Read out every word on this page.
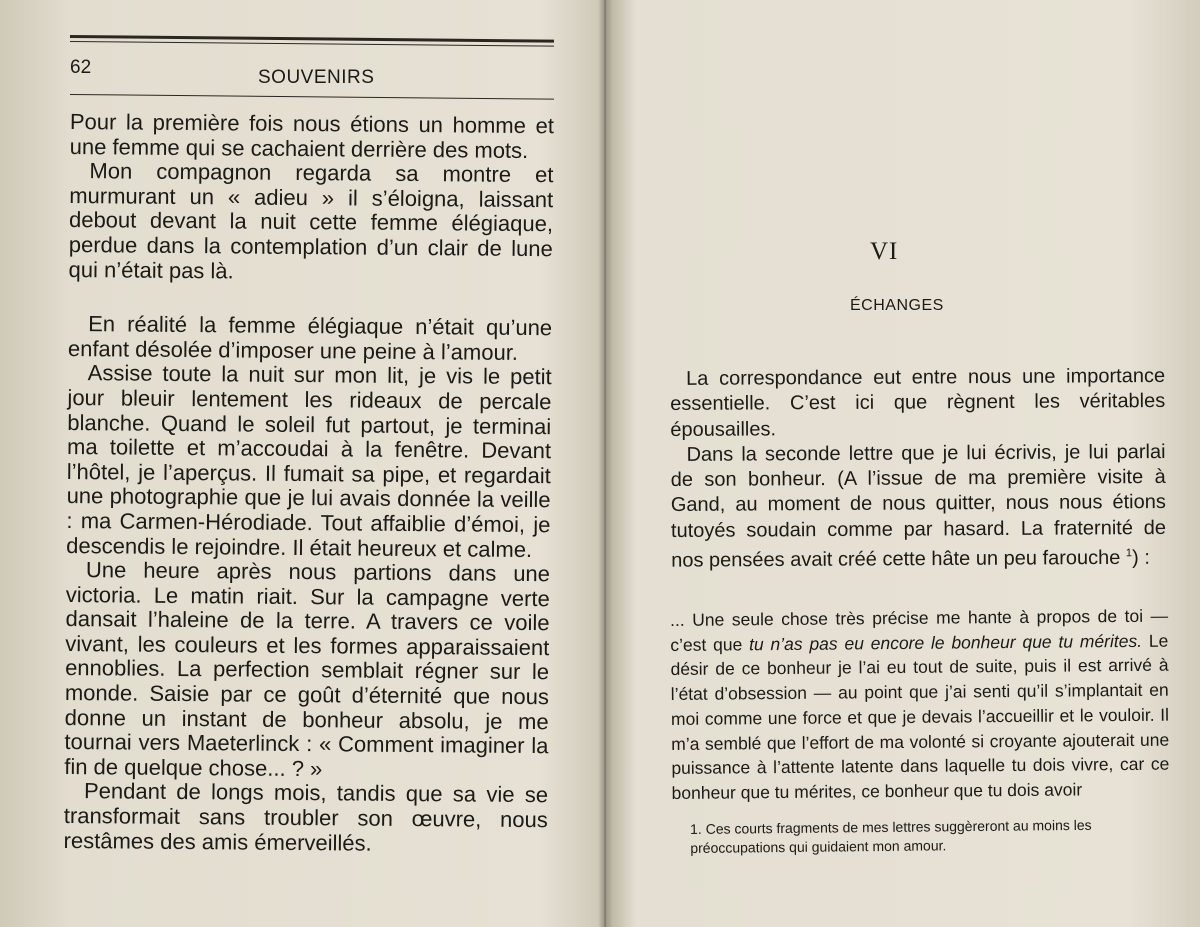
62	SOUVENIRS

Pour la première fois nous étions un homme et une femme qui se cachaient derrière des mots.

Mon compagnon regarda sa montre et murmurant un « adieu » il s’éloigna, laissant debout devant la nuit cette femme élégiaque, perdue dans la contemplation d’un clair de lune qui n’était pas là.

En réalité la femme élégiaque n’était qu’une enfant désolée d’imposer une peine à l’amour.

Assise toute la nuit sur mon lit, je vis le petit jour bleuir lentement les rideaux de percale blanche. Quand le soleil fut partout, je terminai ma toilette et m’accoudai à la fenêtre. Devant l’hôtel, je l’aperçus. Il fumait sa pipe, et regardait une photographie que je lui avais donnée la veille : ma Carmen-Hérodiade. Tout affaiblie d’émoi, je descendis le rejoindre. Il était heureux et calme.

Une heure après nous partions dans une victoria. Le matin riait. Sur la campagne verte dansait l’haleine de la terre. A travers ce voile vivant, les couleurs et les formes apparaissaient ennoblies. La perfection semblait régner sur le monde. Saisie par ce goût d’éternité que nous donne un instant de bonheur absolu, je me tournai vers Maeterlinck : « Comment imaginer la fin de quelque chose... ? »

Pendant de longs mois, tandis que sa vie se transformait sans troubler son œuvre, nous restâmes des amis émerveillés.

VI
ÉCHANGES

La correspondance eut entre nous une importance essentielle. C’est ici que règnent les véritables épousailles.

Dans la seconde lettre que je lui écrivis, je lui parlai de son bonheur. (A l’issue de ma première visite à Gand, au moment de nous quitter, nous nous étions tutoyés soudain comme par hasard. La fraternité de nos pensées avait créé cette hâte un peu farouche $^1$) :

... Une seule chose très précise me hante à propos de toi — c’est que tu n’as pas eu encore le bonheur que tu mérites. Le désir de ce bonheur je l’ai eu tout de suite, puis il est arrivé à l’état d’obsession — au point que j’ai senti qu’il s’implantait en moi comme une force et que je devais l’accueillir et le vouloir. Il m’a semblé que l’effort de ma volonté si croyante ajouterait une puissance à l’attente latente dans laquelle tu dois vivre, car ce bonheur que tu mérites, ce bonheur que tu dois avoir
1. Ces courts fragments de mes lettres suggèreront au moins les préoccupations qui guidaient mon amour.
